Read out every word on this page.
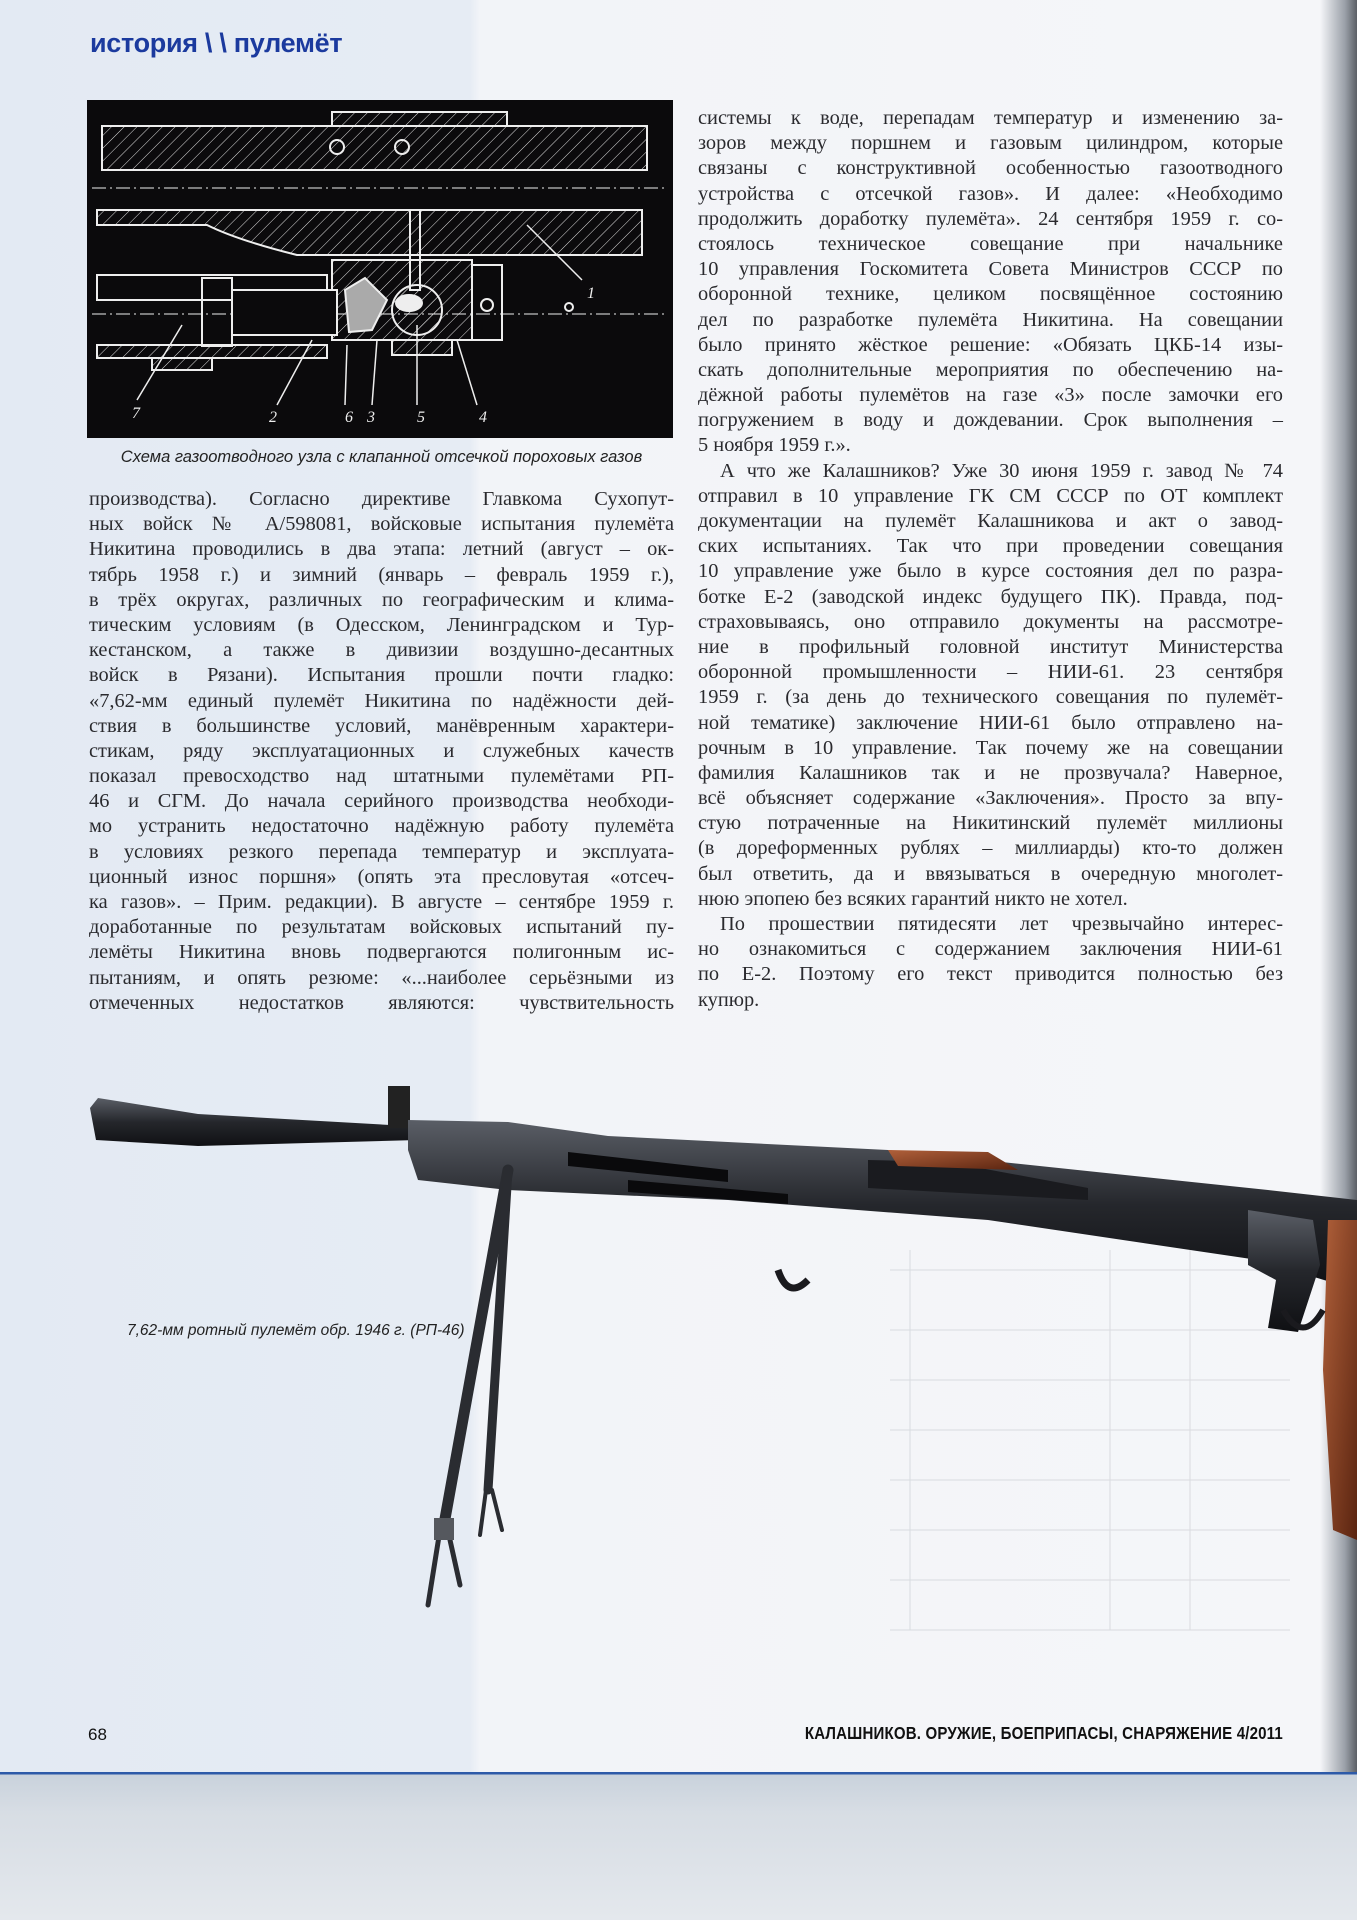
история \ \ пулемёт
1
2	3	4
5
6
7
Схема газоотводного узла с клапанной отсечкой пороховых газов
производства). Согласно директиве Главкома Сухопут-
ных войск № А/598081, войсковые испытания пулемёта
Никитина проводились в два этапа: летний (август – ок-
тябрь 1958 г.) и зимний (январь – февраль 1959 г.),
в трёх округах, различных по географическим и клима-
тическим условиям (в Одесском, Ленинградском и Тур-
кестанском, а также в дивизии воздушно-десантных
войск в Рязани). Испытания прошли почти гладко:
«7,62-мм единый пулемёт Никитина по надёжности дей-
ствия в большинстве условий, манёвренным характери-
стикам, ряду эксплуатационных и служебных качеств
показал превосходство над штатными пулемётами РП-
46 и СГМ. До начала серийного производства необходи-
мо устранить недостаточно надёжную работу пулемёта
в условиях резкого перепада температур и эксплуата-
ционный износ поршня» (опять эта пресловутая «отсеч-
ка газов». – Прим. редакции). В августе – сентябре 1959 г.
доработанные по результатам войсковых испытаний пу-
лемёты Никитина вновь подвергаются полигонным ис-
пытаниям, и опять резюме: «...наиболее серьёзными из
отмеченных недостатков являются: чувствительность
системы к воде, перепадам температур и изменению за-
зоров между поршнем и газовым цилиндром, которые
связаны с конструктивной особенностью газоотводного
устройства с отсечкой газов». И далее: «Необходимо
продолжить доработку пулемёта». 24 сентября 1959 г. со-
стоялось техническое совещание при начальнике
10 управления Госкомитета Совета Министров СССР по
оборонной технике, целиком посвящённое состоянию
дел по разработке пулемёта Никитина. На совещании
было принято жёсткое решение: «Обязать ЦКБ-14 изы-
скать дополнительные мероприятия по обеспечению на-
дёжной работы пулемётов на газе «3» после замочки его
погружением в воду и дождевании. Срок выполнения –
5 ноября 1959 г.».
А что же Калашников? Уже 30 июня 1959 г. завод № 74
отправил в 10 управление ГК СМ СССР по ОТ комплект
документации на пулемёт Калашникова и акт о завод-
ских испытаниях. Так что при проведении совещания
10 управление уже было в курсе состояния дел по разра-
ботке Е-2 (заводской индекс будущего ПК). Правда, под-
страховываясь, оно отправило документы на рассмотре-
ние в профильный головной институт Министерства
оборонной промышленности – НИИ-61. 23 сентября
1959 г. (за день до технического совещания по пулемёт-
ной тематике) заключение НИИ-61 было отправлено на-
рочным в 10 управление. Так почему же на совещании
фамилия Калашников так и не прозвучала? Наверное,
всё объясняет содержание «Заключения». Просто за впу-
стую потраченные на Никитинский пулемёт миллионы
(в дореформенных рублях – миллиарды) кто-то должен
был ответить, да и ввязываться в очередную многолет-
нюю эпопею без всяких гарантий никто не хотел.
По прошествии пятидесяти лет чрезвычайно интерес-
но ознакомиться с содержанием заключения НИИ-61
по Е-2. Поэтому его текст приводится полностью без
купюр.
7,62-мм ротный пулемёт обр. 1946 г. (РП-46)
68	КАЛАШНИКОВ. ОРУЖИЕ, БОЕПРИПАСЫ, СНАРЯЖЕНИЕ 4/2011
